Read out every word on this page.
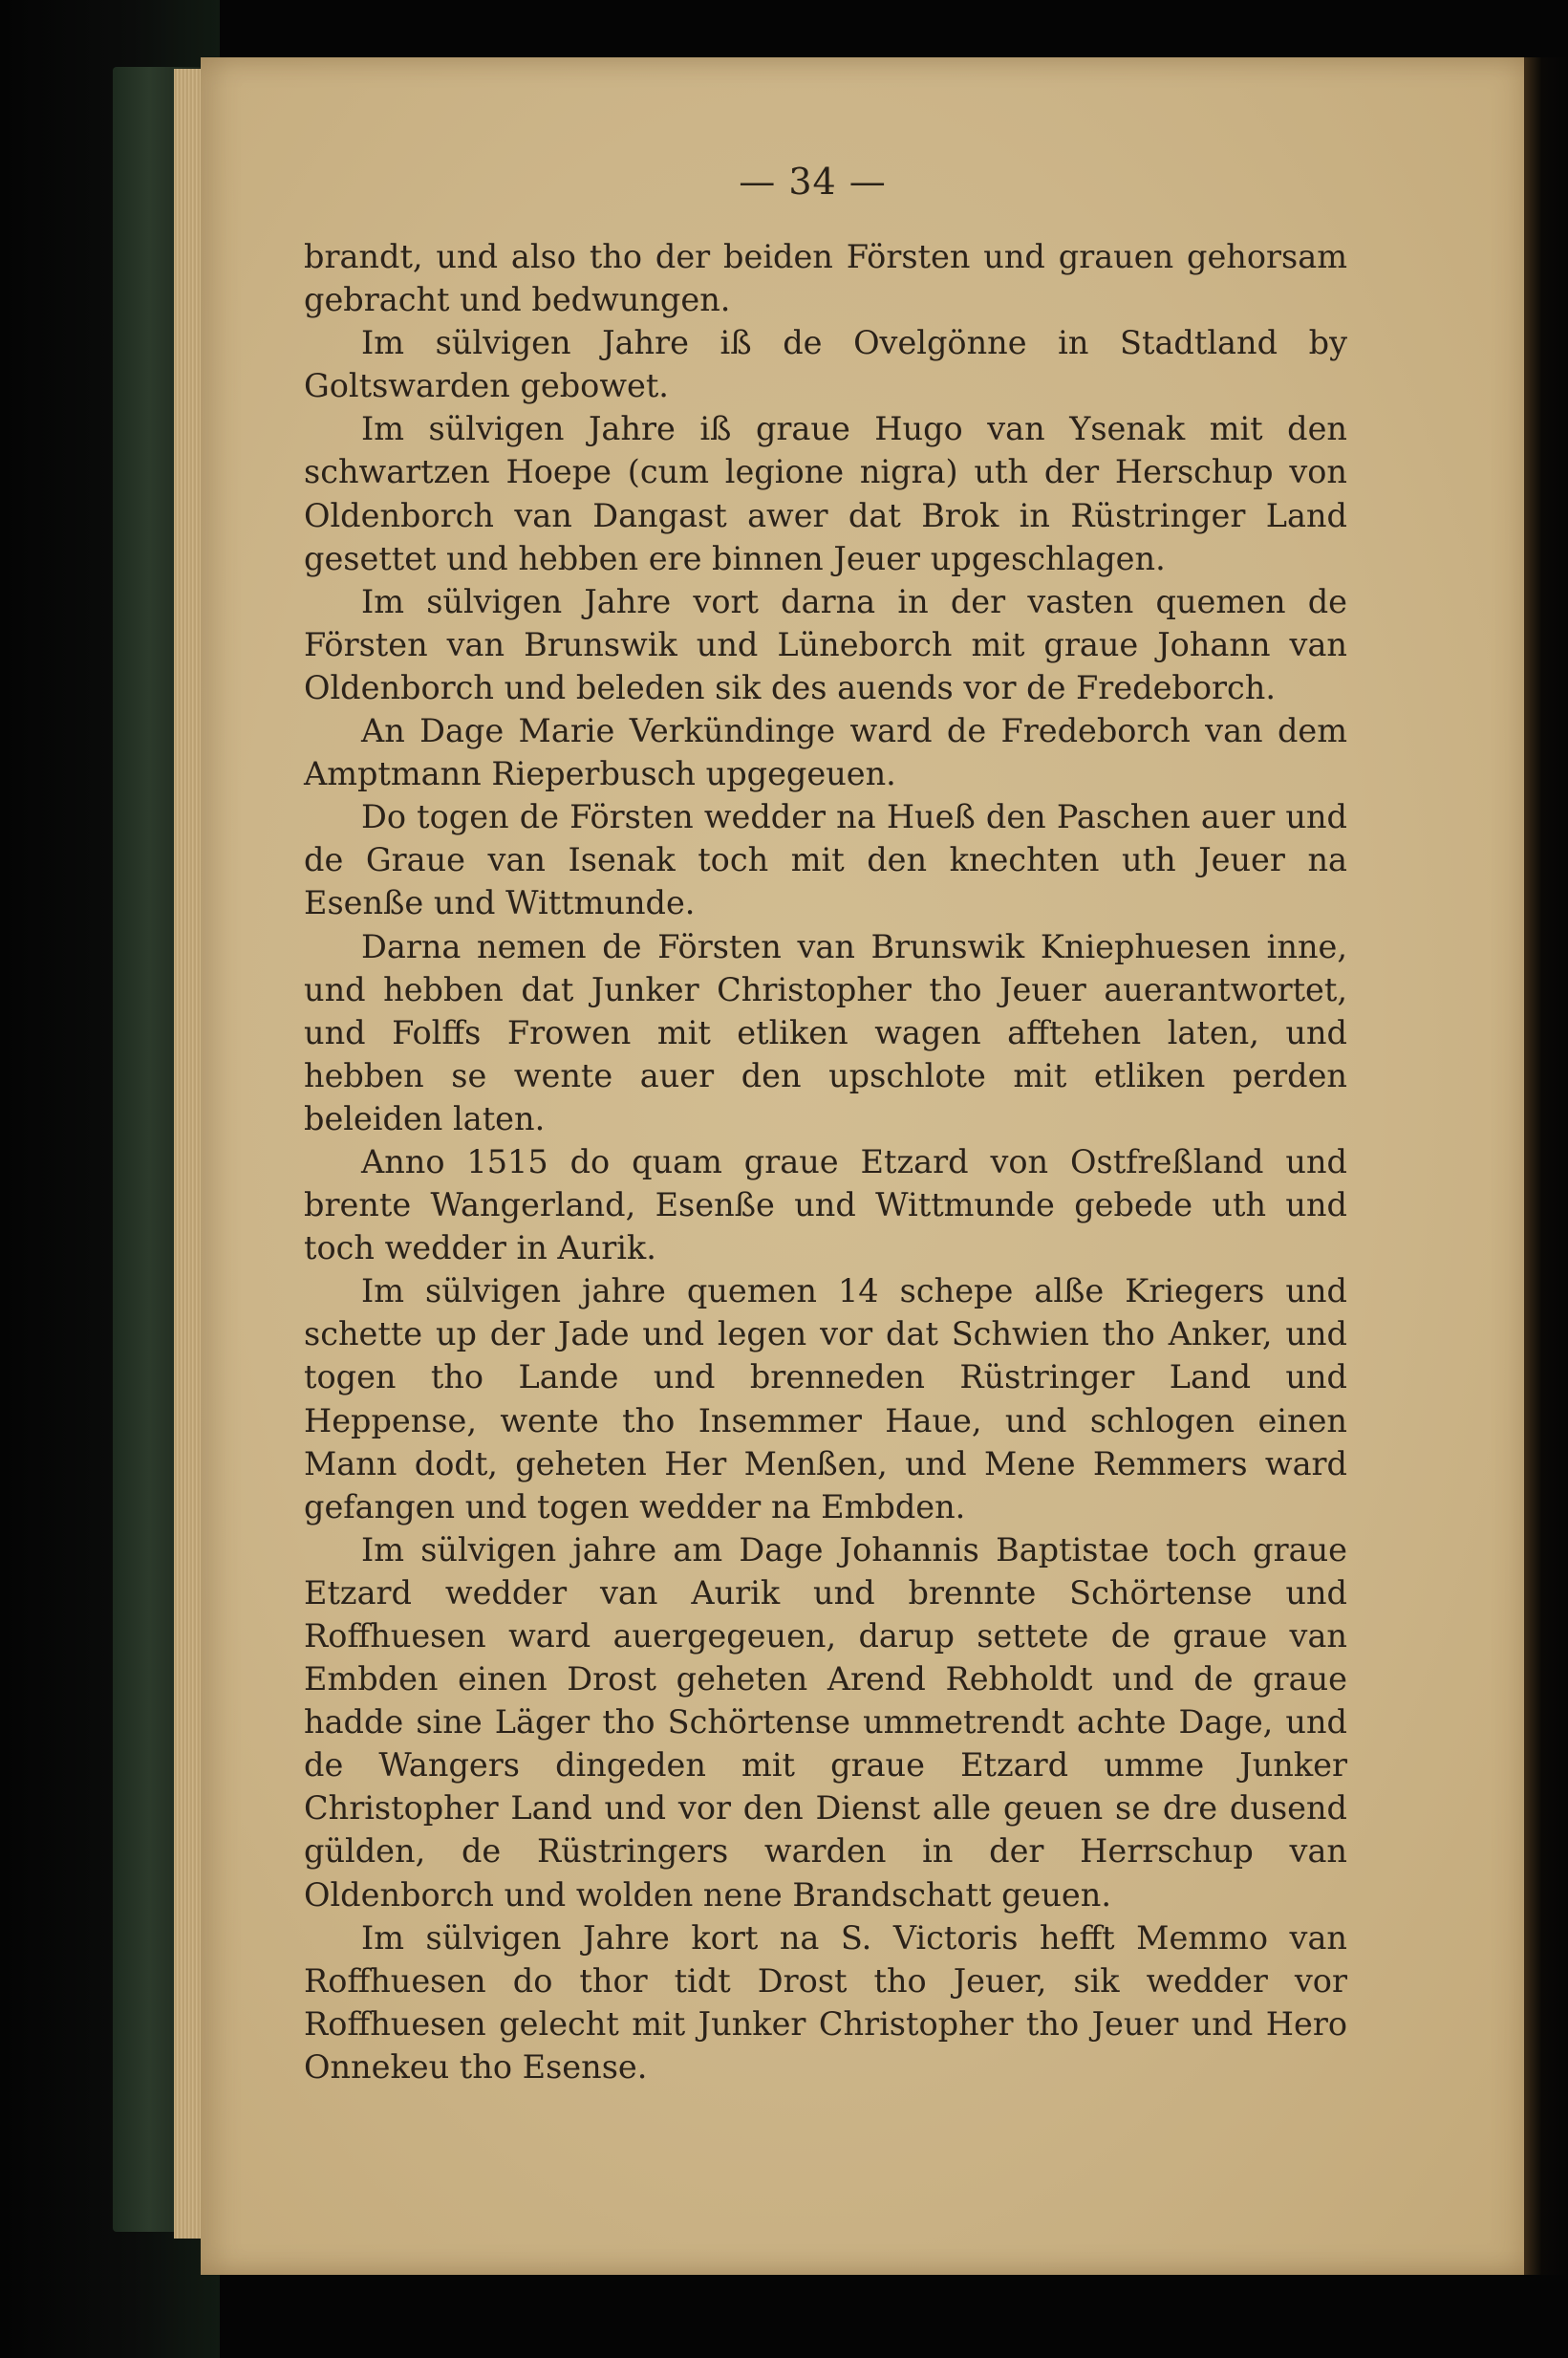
— 34 —

brandt, und also tho der beiden Försten und grauen gehorsam gebracht und bedwungen.

Im sülvigen Jahre iß de Ovelgönne in Stadtland by Goltswarden gebowet.

Im sülvigen Jahre iß graue Hugo van Ysenak mit den schwartzen Hoepe (cum legione nigra) uth der Herschup von Oldenborch van Dangast awer dat Brok in Rüstringer Land gesettet und hebben ere binnen Jeuer upgeschlagen.

Im sülvigen Jahre vort darna in der vasten quemen de Försten van Brunswik und Lüneborch mit graue Johann van Oldenborch und beleden sik des auends vor de Fredeborch.

An Dage Marie Verkündinge ward de Fredeborch van dem Amptmann Rieperbusch upgegeuen.

Do togen de Försten wedder na Hueß den Paschen auer und de Graue van Isenak toch mit den knechten uth Jeuer na Esenße und Wittmunde.

Darna nemen de Försten van Brunswik Kniephuesen inne, und hebben dat Junker Christopher tho Jeuer auerantwortet, und Folffs Frowen mit etliken wagen afftehen laten, und hebben se wente auer den upschlote mit etliken perden beleiden laten.

Anno 1515 do quam graue Etzard von Ostfreßland und brente Wangerland, Esenße und Wittmunde gebede uth und toch wedder in Aurik.

Im sülvigen jahre quemen 14 schepe alße Kriegers und schette up der Jade und legen vor dat Schwien tho Anker, und togen tho Lande und brenneden Rüstringer Land und Heppense, wente tho Insemmer Haue, und schlogen einen Mann dodt, geheten Her Menßen, und Mene Remmers ward gefangen und togen wedder na Embden.

Im sülvigen jahre am Dage Johannis Baptistae toch graue Etzard wedder van Aurik und brennte Schörtense und Roffhuesen ward auergegeuen, darup settete de graue van Embden einen Drost geheten Arend Rebholdt und de graue hadde sine Läger tho Schörtense ummetrendt achte Dage, und de Wangers dingeden mit graue Etzard umme Junker Christopher Land und vor den Dienst alle geuen se dre dusend gülden, de Rüstringers warden in der Herrschup van Oldenborch und wolden nene Brandschatt geuen.

Im sülvigen Jahre kort na S. Victoris hefft Memmo van Roffhuesen do thor tidt Drost tho Jeuer, sik wedder vor Roffhuesen gelecht mit Junker Christopher tho Jeuer und Hero Onnekeu tho Esense.
